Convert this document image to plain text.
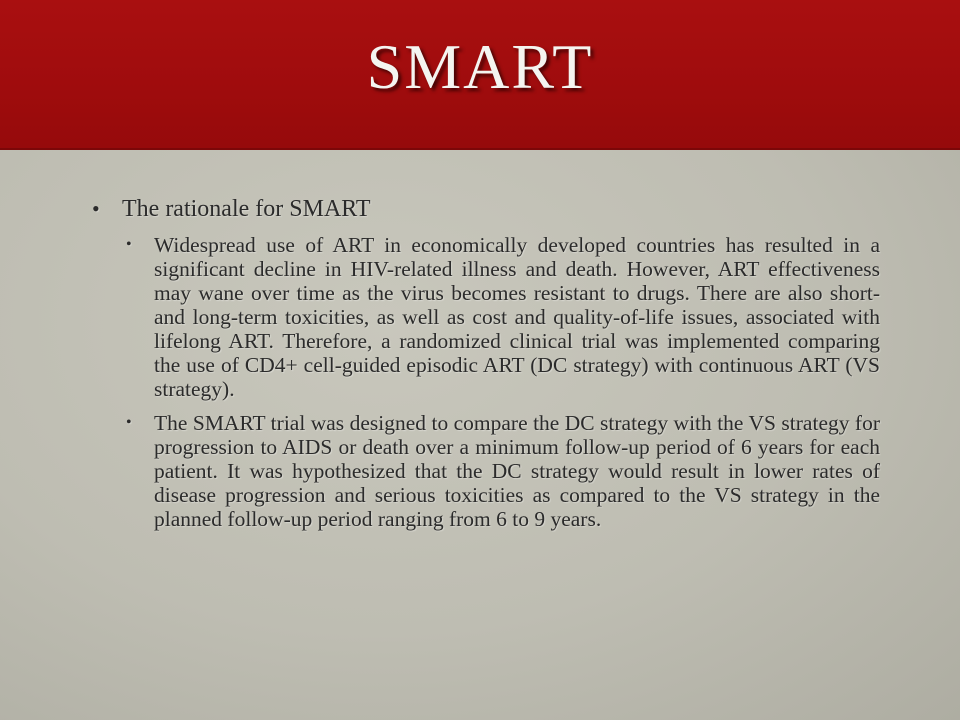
SMART
• The rationale for SMART
• Widespread use of ART in economically developed countries has resulted in a significant decline in HIV-related illness and death. However, ART effectiveness may wane over time as the virus becomes resistant to drugs. There are also short- and long-term toxicities, as well as cost and quality-of-life issues, associated with lifelong ART. Therefore, a randomized clinical trial was implemented comparing the use of CD4+ cell-guided episodic ART (DC strategy) with continuous ART (VS strategy).
• The SMART trial was designed to compare the DC strategy with the VS strategy for progression to AIDS or death over a minimum follow-up period of 6 years for each patient. It was hypothesized that the DC strategy would result in lower rates of disease progression and serious toxicities as compared to the VS strategy in the planned follow-up period ranging from 6 to 9 years.
